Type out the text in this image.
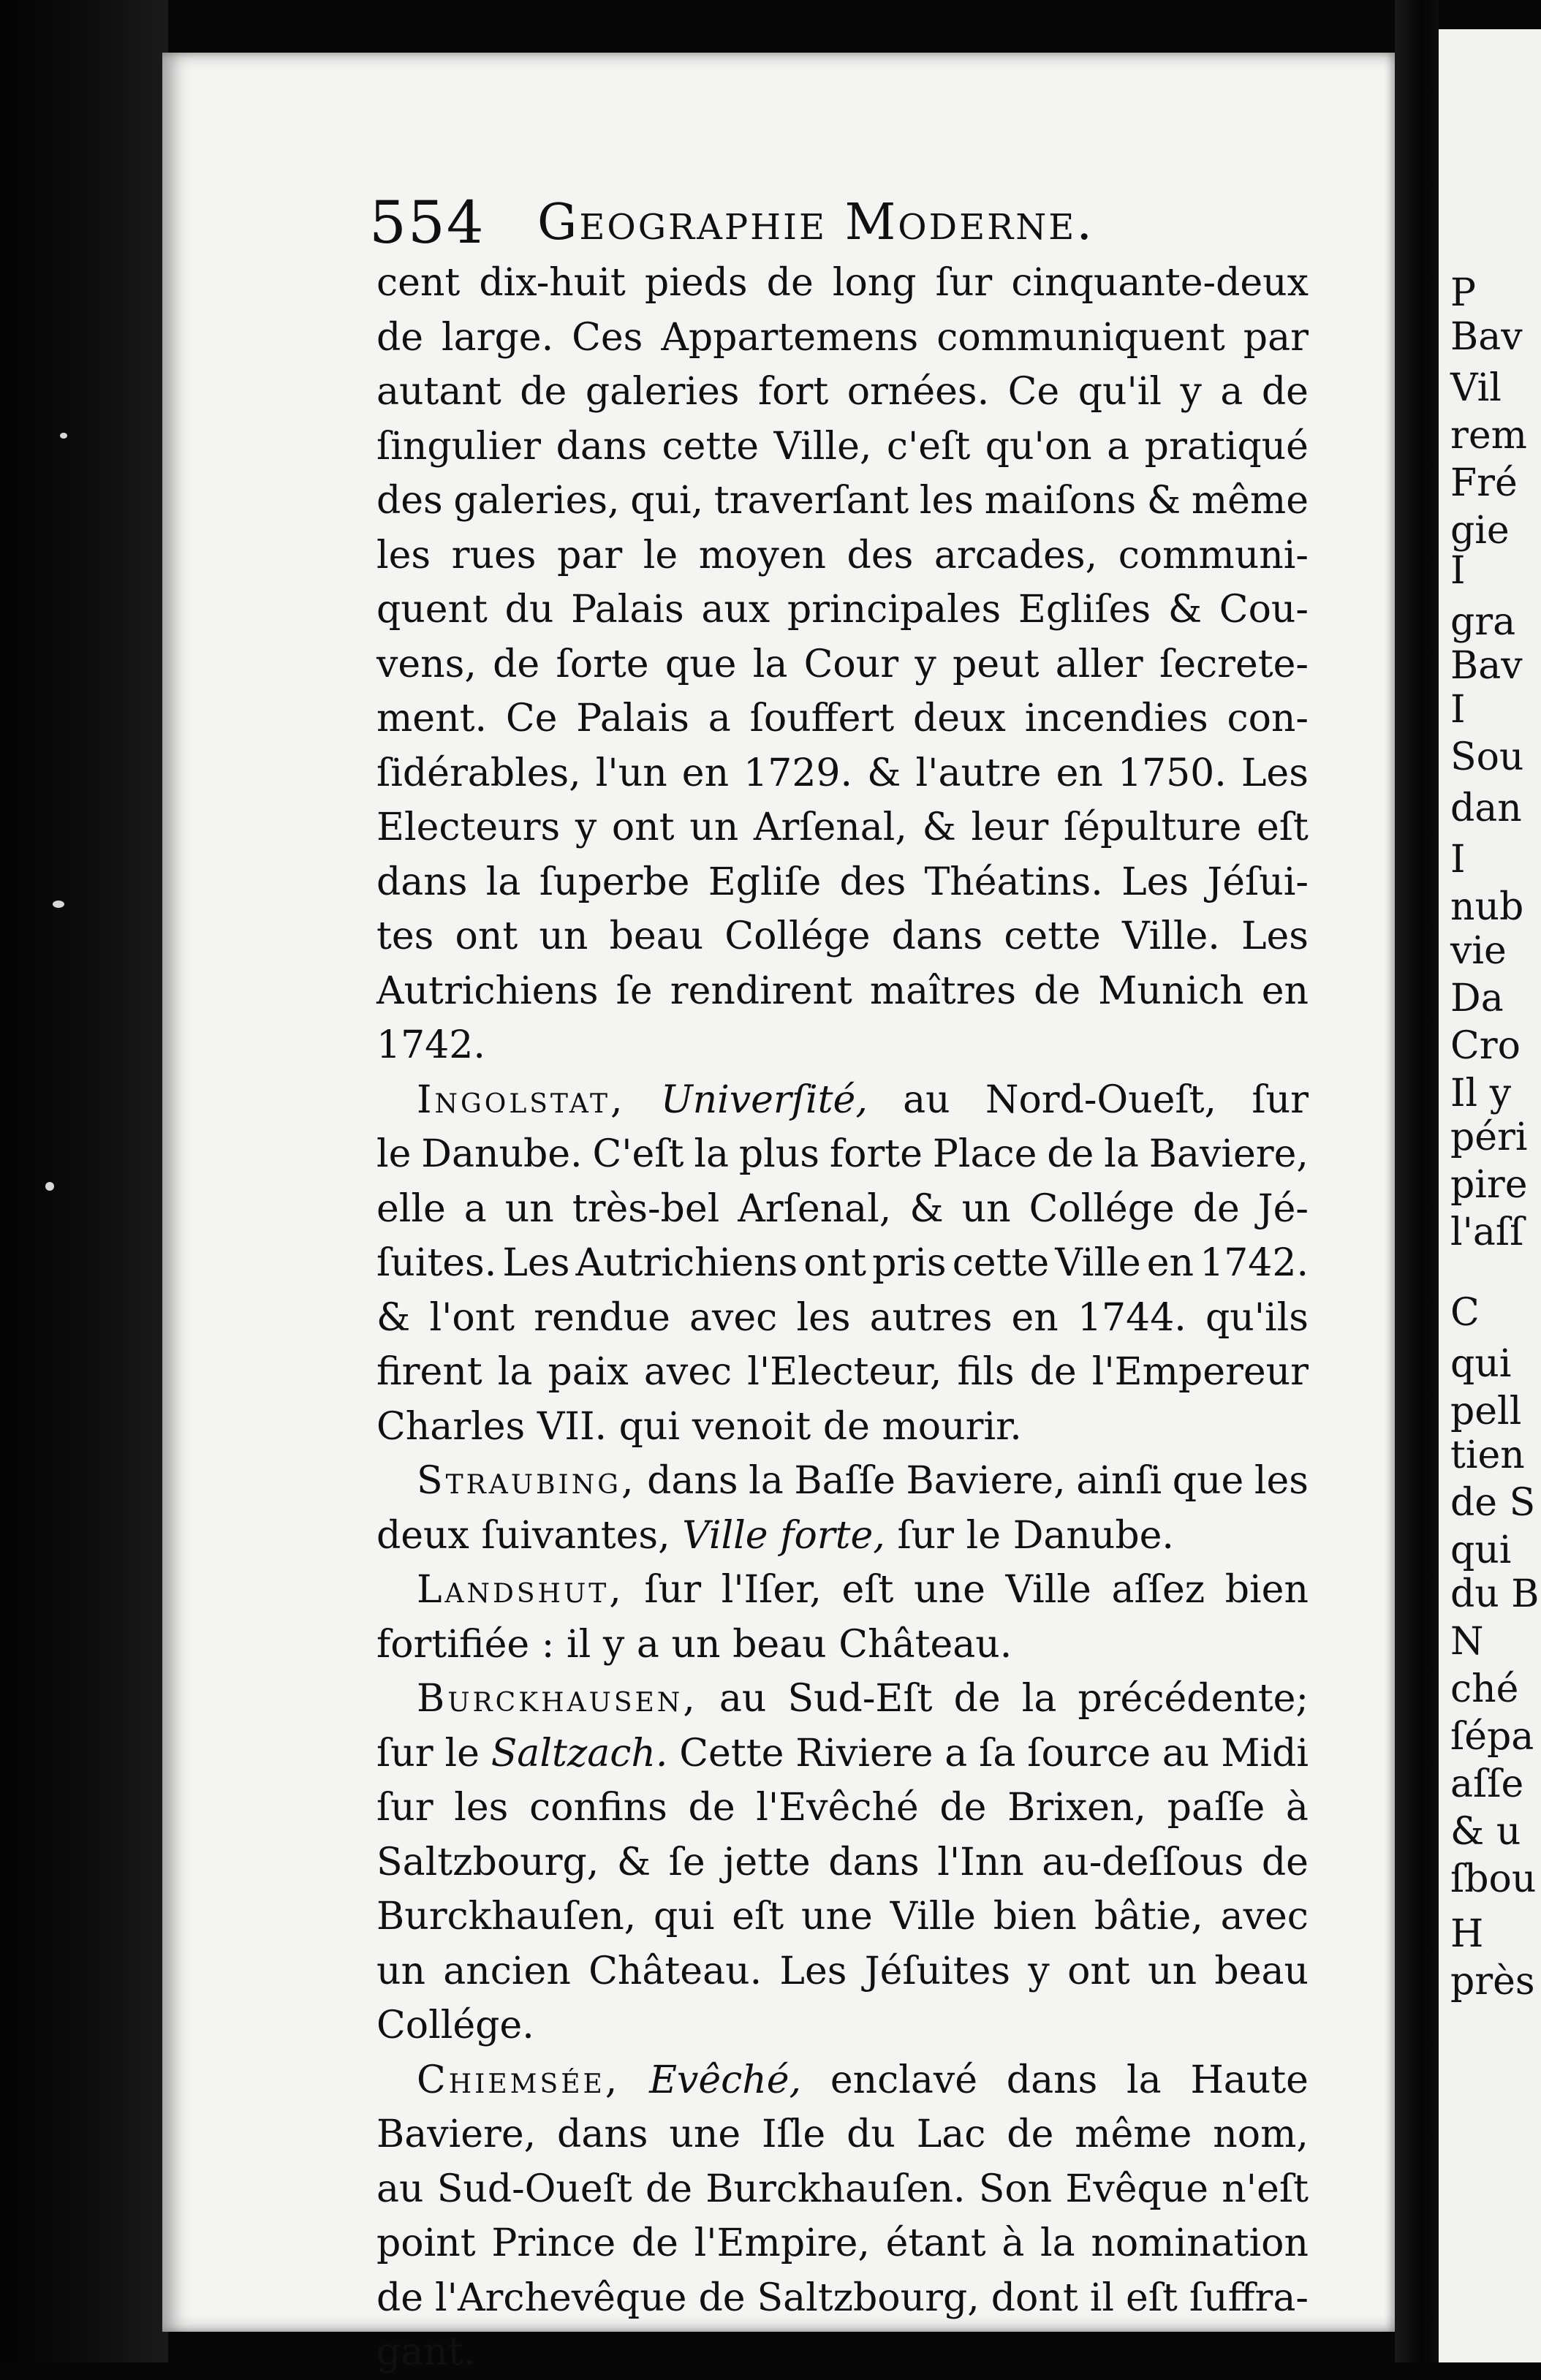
P
Bav
Vil
rem
Fré
gie
I
gra
Bav
I
Sou
dan
I
nub
vie
Da
Cro
Il y
péri
pire
l'aſſ
C
qui
pell
tien
de S
qui
du B
N
ché
ſépa
aſſe
& u
ſbou
H
près
554 Geographie Moderne.
cent dix-huit pieds de long ſur cinquante-deux
de large. Ces Appartemens communiquent par
autant de galeries fort ornées. Ce qu'il y a de
ſingulier dans cette Ville, c'eſt qu'on a pratiqué
des galeries, qui, traverſant les maiſons & même
les rues par le moyen des arcades, communi-
quent du Palais aux principales Egliſes & Cou-
vens, de ſorte que la Cour y peut aller ſecrete-
ment. Ce Palais a ſouffert deux incendies con-
ſidérables, l'un en 1729. & l'autre en 1750. Les
Electeurs y ont un Arſenal, & leur ſépulture eſt
dans la ſuperbe Egliſe des Théatins. Les Jéſui-
tes ont un beau Collége dans cette Ville. Les
Autrichiens ſe rendirent maîtres de Munich en
1742.
Ingolstat, Univerſité, au Nord-Oueſt, ſur
le Danube. C'eſt la plus forte Place de la Baviere,
elle a un très-bel Arſenal, & un Collége de Jé-
ſuites. Les Autrichiens ont pris cette Ville en 1742.
& l'ont rendue avec les autres en 1744. qu'ils
firent la paix avec l'Electeur, fils de l'Empereur
Charles VII. qui venoit de mourir.
Straubing, dans la Baſſe Baviere, ainſi que les
deux ſuivantes, Ville forte, ſur le Danube.
Landshut, ſur l'Iſer, eſt une Ville aſſez bien
fortifiée : il y a un beau Château.
Burckhausen, au Sud-Eſt de la précédente;
ſur le Saltzach. Cette Riviere a ſa ſource au Midi
ſur les confins de l'Evêché de Brixen, paſſe à
Saltzbourg, & ſe jette dans l'Inn au-deſſous de
Burckhauſen, qui eſt une Ville bien bâtie, avec
un ancien Château. Les Jéſuites y ont un beau
Collége.
Chiemsée, Evêché, enclavé dans la Haute
Baviere, dans une Iſle du Lac de même nom,
au Sud-Oueſt de Burckhauſen. Son Evêque n'eſt
point Prince de l'Empire, étant à la nomination
de l'Archevêque de Saltzbourg, dont il eſt ſuffra-
gant.
